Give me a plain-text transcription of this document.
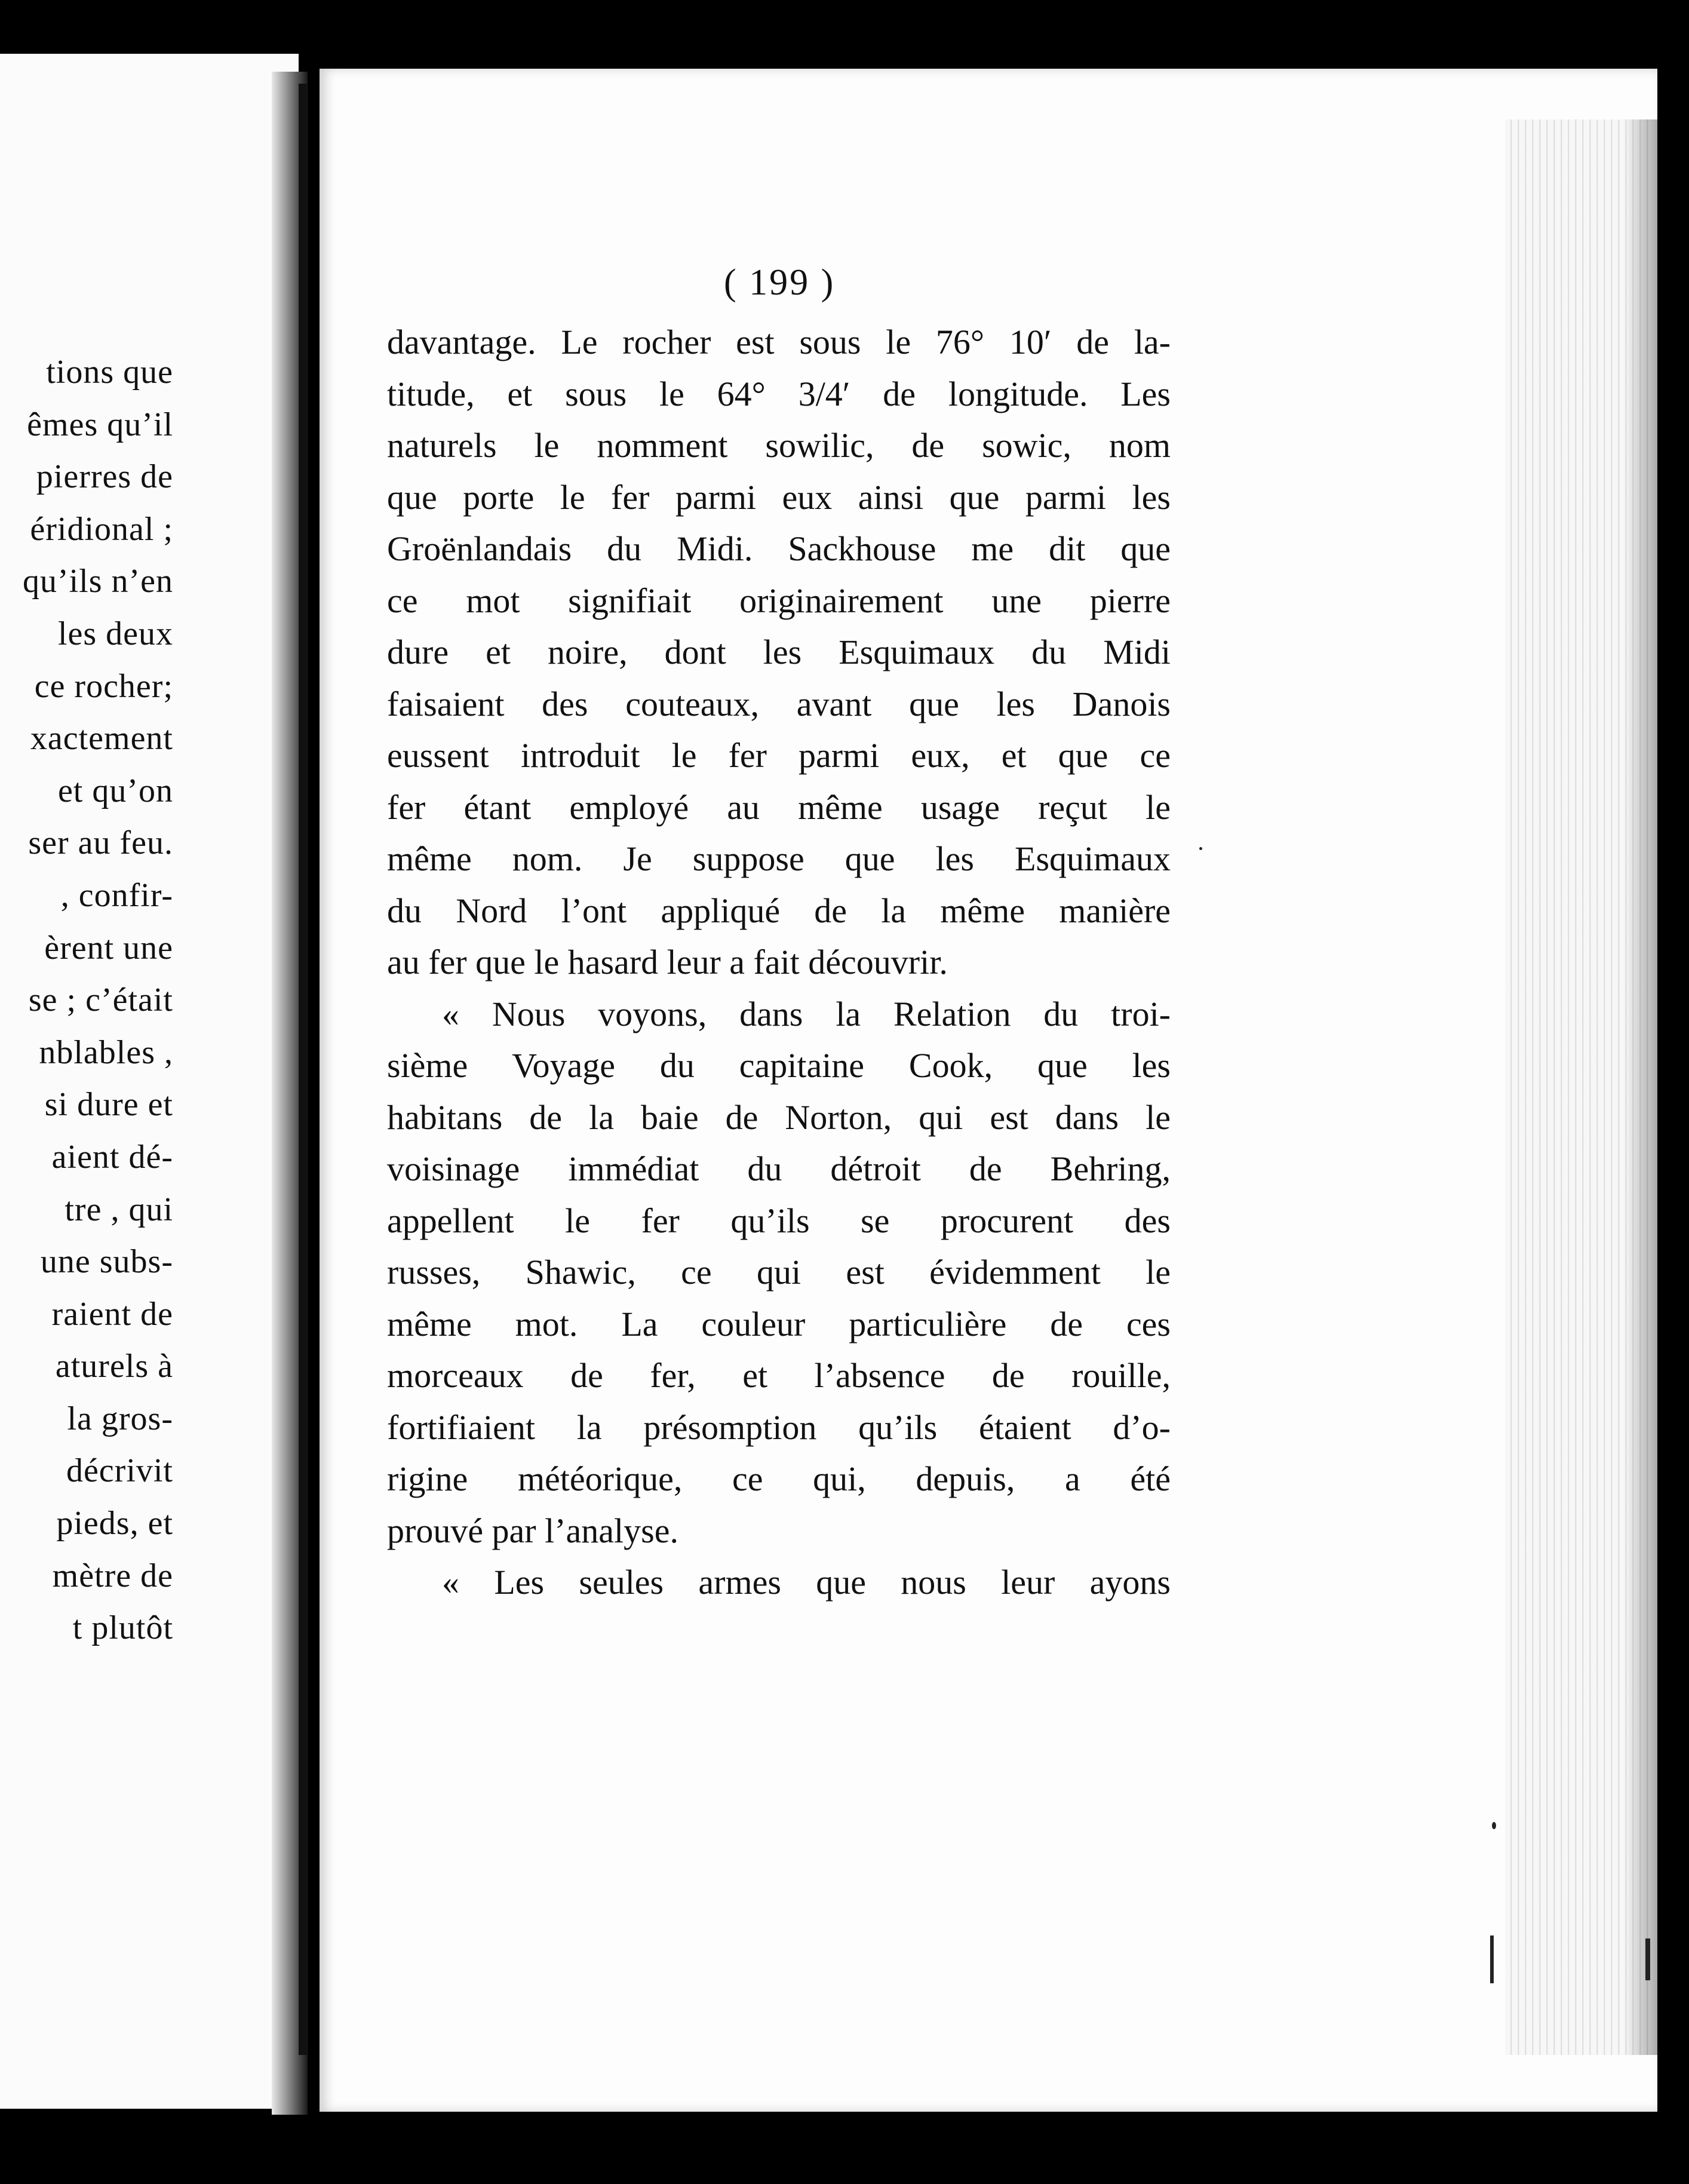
tions que
êmes qu’il
pierres de
éridional ;
qu’ils n’en
les deux
ce rocher;
xactement
et qu’on
ser au feu.
, confir-
èrent une
se ; c’était
nblables ,
si dure et
aient dé-
tre , qui
une subs-
raient de
aturels à
la gros-
décrivit
pieds, et
mètre de
t plutôt
( 199 )
davantage. Le rocher est sous le 76° 10′ de la-
titude, et sous le 64° 3/4′ de longitude. Les
naturels le nomment sowilic, de sowic, nom
que porte le fer parmi eux ainsi que parmi les
Groënlandais du Midi. Sackhouse me dit que
ce mot signifiait originairement une pierre
dure et noire, dont les Esquimaux du Midi
faisaient des couteaux, avant que les Danois
eussent introduit le fer parmi eux, et que ce
fer étant employé au même usage reçut le
même nom. Je suppose que les Esquimaux
du Nord l’ont appliqué de la même manière
au fer que le hasard leur a fait découvrir.
« Nous voyons, dans la Relation du troi-
sième Voyage du capitaine Cook, que les
habitans de la baie de Norton, qui est dans le
voisinage immédiat du détroit de Behring,
appellent le fer qu’ils se procurent des
russes, Shawic, ce qui est évidemment le
même mot. La couleur particulière de ces
morceaux de fer, et l’absence de rouille,
fortifiaient la présomption qu’ils étaient d’o-
rigine météorique, ce qui, depuis, a été
prouvé par l’analyse.
« Les seules armes que nous leur ayons
